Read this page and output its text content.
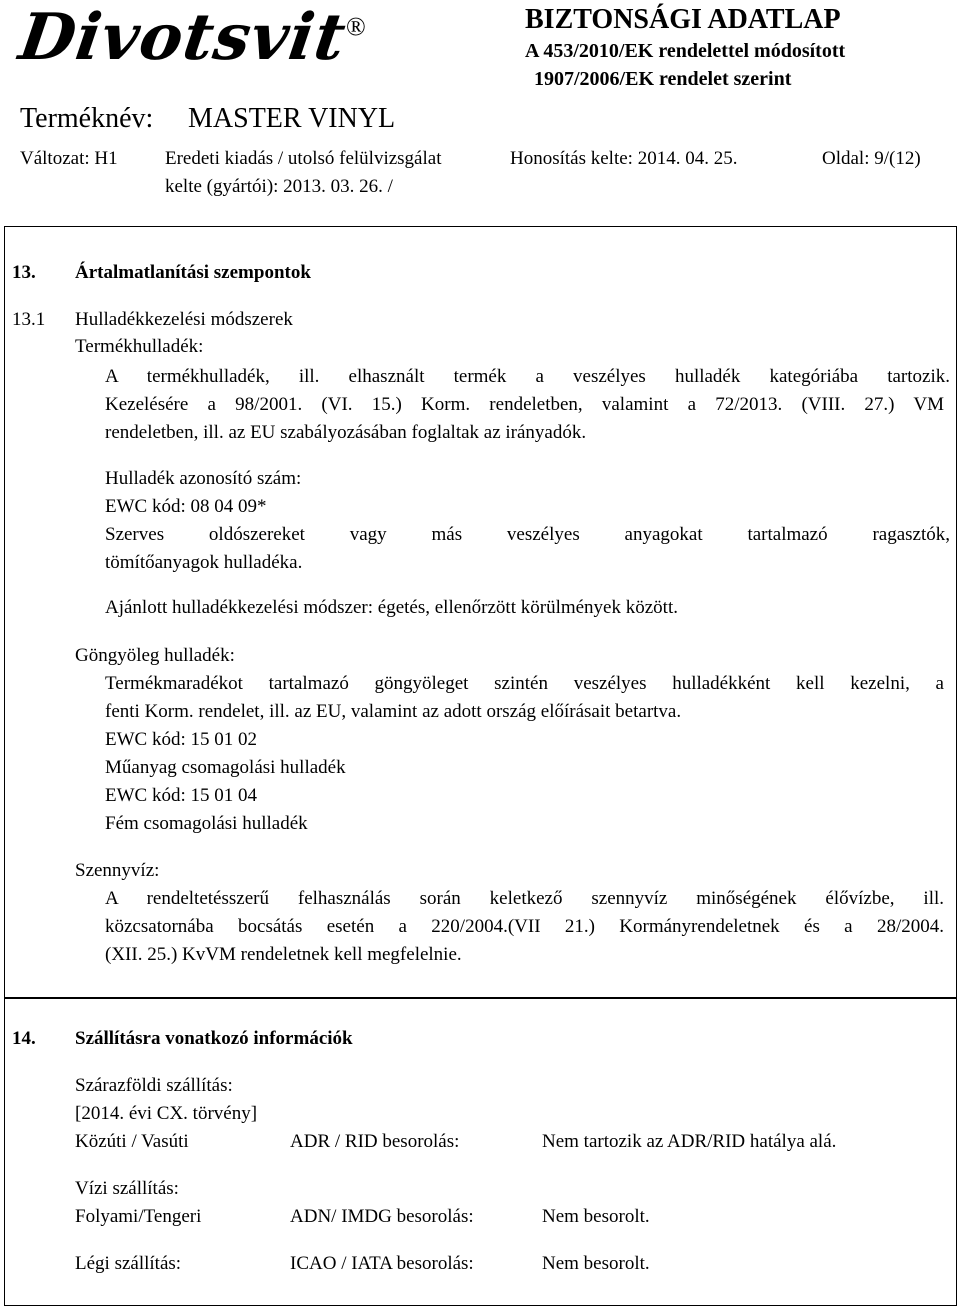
Divotsvit
®	BIZTONSÁGI ADATLAP
A 453/2010/EK rendelettel módosított
1907/2006/EK rendelet szerint
Terméknév: MASTER VINYL
Változat: H1 Eredeti kiadás / utolsó felülvizsgálat	Honosítás kelte: 2014. 04. 25.	Oldal: 9/(12)
kelte (gyártói): 2013. 03. 26. /
13. Ártalmatlanítási szempontok
13.1 Hulladékkezelési módszerek
Termékhulladék:
A termékhulladék, ill. elhasznált termék a veszélyes hulladék kategóriába tartozik.
Kezelésére a 98/2001. (VI. 15.) Korm. rendeletben, valamint a 72/2013. (VIII. 27.) VM
rendeletben, ill. az EU szabályozásában foglaltak az irányadók.
Hulladék azonosító szám:
EWC kód: 08 04 09*
Szerves oldószereket vagy más veszélyes anyagokat tartalmazó ragasztók,
tömítőanyagok hulladéka.
Ajánlott hulladékkezelési módszer: égetés, ellenőrzött körülmények között.
Göngyöleg hulladék:
Termékmaradékot tartalmazó göngyöleget szintén veszélyes hulladékként kell kezelni, a
fenti Korm. rendelet, ill. az EU, valamint az adott ország előírásait betartva.
EWC kód: 15 01 02
Műanyag csomagolási hulladék
EWC kód: 15 01 04
Fém csomagolási hulladék
Szennyvíz:
A rendeltetésszerű felhasználás során keletkező szennyvíz minőségének élővízbe, ill.
közcsatornába bocsátás esetén a 220/2004.(VII 21.) Kormányrendeletnek és a 28/2004.
(XII. 25.) KvVM rendeletnek kell megfelelnie.
14. Szállításra vonatkozó információk
Szárazföldi szállítás:
[2014. évi CX. törvény]
Közúti / Vasúti	ADR / RID besorolás:	Nem tartozik az ADR/RID hatálya alá.
Vízi szállítás:
Folyami/Tengeri	ADN/ IMDG besorolás:	Nem besorolt.
Légi szállítás:	ICAO / IATA besorolás:	Nem besorolt.
